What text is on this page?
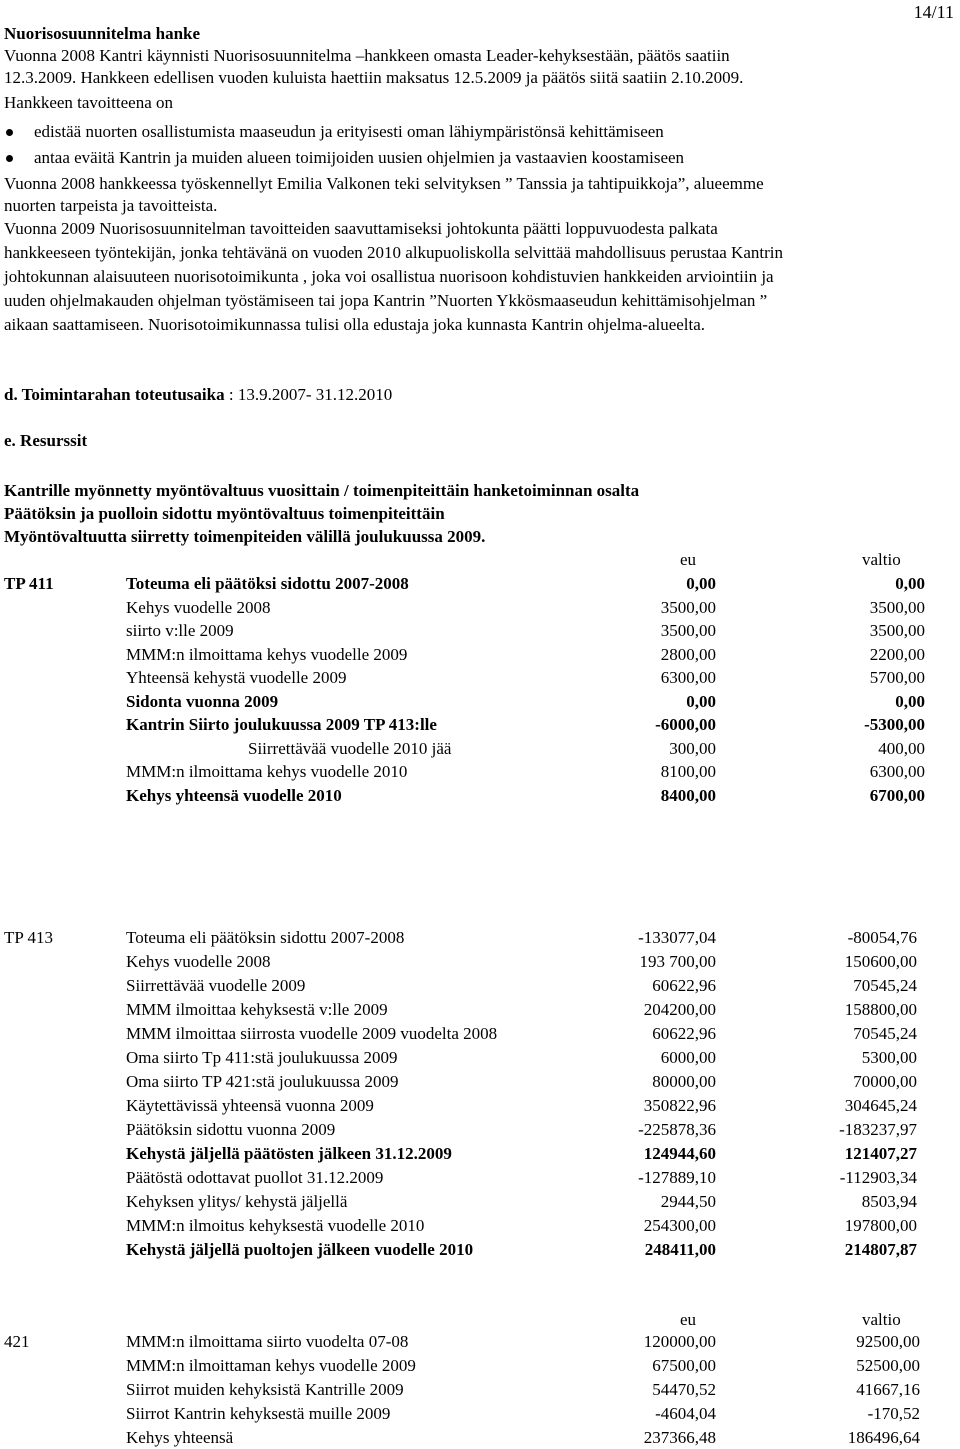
14/11
Nuorisosuunnitelma hanke
Vuonna 2008 Kantri käynnisti Nuorisosuunnitelma –hankkeen omasta Leader-kehyksestään, päätös saatiin
12.3.2009. Hankkeen edellisen vuoden kuluista haettiin maksatus 12.5.2009 ja päätös siitä saatiin 2.10.2009.
Hankkeen tavoitteena on
edistää nuorten osallistumista maaseudun ja erityisesti oman lähiympäristönsä kehittämiseen
antaa eväitä Kantrin ja muiden alueen toimijoiden uusien ohjelmien ja vastaavien koostamiseen
Vuonna 2008 hankkeessa työskennellyt Emilia Valkonen teki selvityksen ” Tanssia ja tahtipuikkoja”, alueemme
nuorten tarpeista ja tavoitteista.
Vuonna 2009 Nuorisosuunnitelman tavoitteiden saavuttamiseksi johtokunta päätti loppuvuodesta palkata
hankkeeseen työntekijän, jonka tehtävänä on vuoden 2010 alkupuoliskolla selvittää mahdollisuus perustaa Kantrin
johtokunnan alaisuuteen nuorisotoimikunta , joka voi osallistua nuorisoon kohdistuvien hankkeiden arviointiin ja
uuden ohjelmakauden ohjelman työstämiseen tai jopa Kantrin ”Nuorten Ykkösmaaseudun kehittämisohjelman ”
aikaan saattamiseen. Nuorisotoimikunnassa tulisi olla edustaja joka kunnasta Kantrin ohjelma-alueelta.
d. Toimintarahan toteutusaika : 13.9.2007- 31.12.2010
e. Resurssit
Kantrille myönnetty myöntövaltuus vuosittain / toimenpiteittäin hanketoiminnan osalta
Päätöksin ja puolloin sidottu myöntövaltuus toimenpiteittäin
Myöntövaltuutta siirretty toimenpiteiden välillä joulukuussa 2009.
eu	valtio
TP 411	Toteuma eli päätöksi sidottu 2007-2008	0,00	0,00
Kehys vuodelle 2008	3500,00	3500,00
siirto v:lle 2009	3500,00	3500,00
MMM:n ilmoittama kehys vuodelle 2009	2800,00	2200,00
Yhteensä kehystä vuodelle 2009	6300,00	5700,00
Sidonta vuonna 2009	0,00	0,00
Kantrin Siirto joulukuussa 2009 TP 413:lle	-6000,00	-5300,00
Siirrettävää vuodelle 2010 jää	300,00	400,00
MMM:n ilmoittama kehys vuodelle 2010	8100,00	6300,00
Kehys yhteensä vuodelle 2010	8400,00	6700,00
TP 413	Toteuma eli päätöksin sidottu 2007-2008	-133077,04	-80054,76
Kehys vuodelle 2008	193 700,00	150600,00
Siirrettävää vuodelle 2009	60622,96	70545,24
MMM ilmoittaa kehyksestä v:lle 2009	204200,00	158800,00
MMM ilmoittaa siirrosta vuodelle 2009 vuodelta 2008	60622,96	70545,24
Oma siirto Tp 411:stä joulukuussa 2009	6000,00	5300,00
Oma siirto TP 421:stä joulukuussa 2009	80000,00	70000,00
Käytettävissä yhteensä vuonna 2009	350822,96	304645,24
Päätöksin sidottu vuonna 2009	-225878,36	-183237,97
Kehystä jäljellä päätösten jälkeen 31.12.2009	124944,60	121407,27
Päätöstä odottavat puollot 31.12.2009	-127889,10	-112903,34
Kehyksen ylitys/ kehystä jäljellä	2944,50	8503,94
MMM:n ilmoitus kehyksestä vuodelle 2010	254300,00	197800,00
Kehystä jäljellä puoltojen jälkeen vuodelle 2010	248411,00	214807,87
eu	valtio
421	MMM:n ilmoittama siirto vuodelta 07-08	120000,00	92500,00
MMM:n ilmoittaman kehys vuodelle 2009	67500,00	52500,00
Siirrot muiden kehyksistä Kantrille 2009	54470,52	41667,16
Siirrot Kantrin kehyksestä muille 2009	-4604,04	-170,52
Kehys yhteensä	237366,48	186496,64
